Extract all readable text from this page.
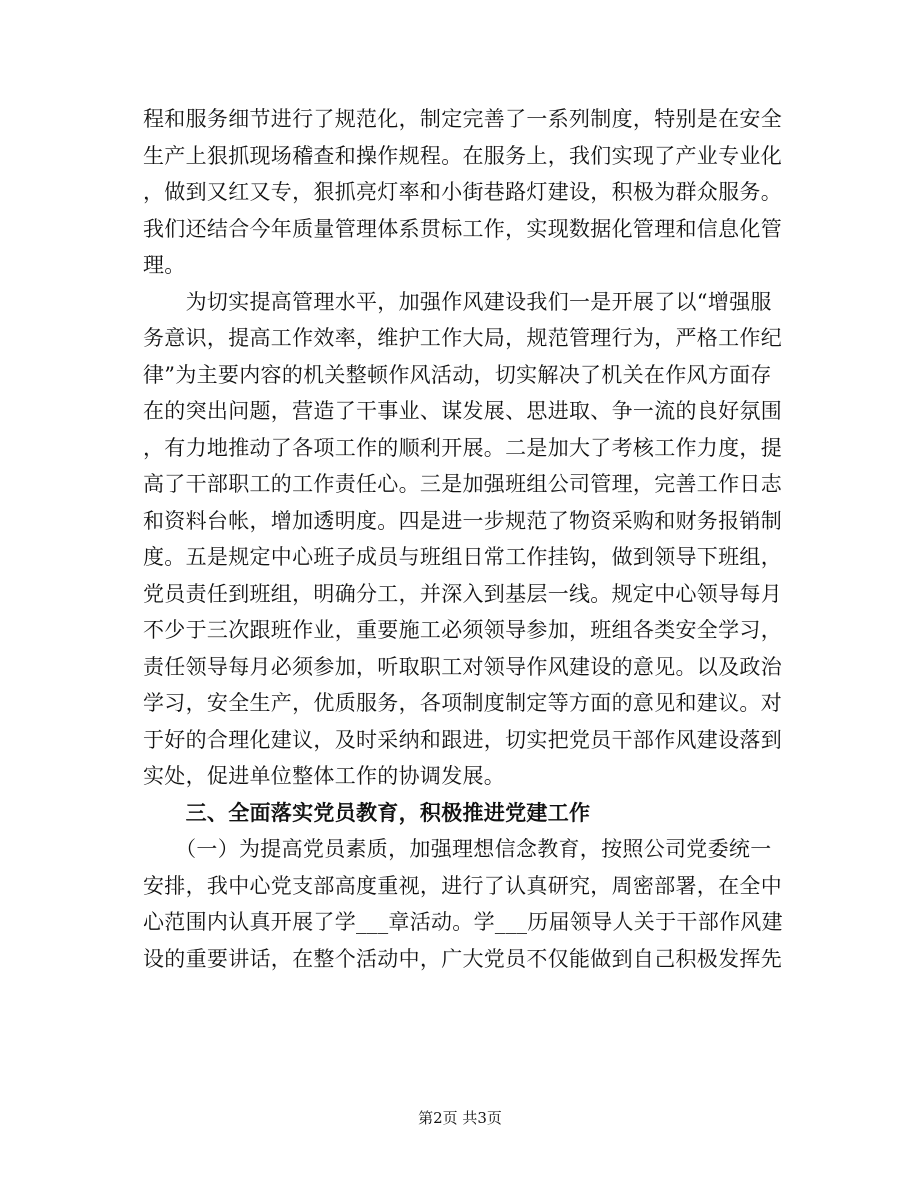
程和服务细节进行了规范化，制定完善了一系列制度，特别是在安全
生产上狠抓现场稽查和操作规程。在服务上，我们实现了产业专业化
，做到又红又专，狠抓亮灯率和小街巷路灯建设，积极为群众服务。
我们还结合今年质量管理体系贯标工作，实现数据化管理和信息化管
理。
　　为切实提高管理水平，加强作风建设我们一是开展了以“增强服
务意识，提高工作效率，维护工作大局，规范管理行为，严格工作纪
律”为主要内容的机关整顿作风活动，切实解决了机关在作风方面存
在的突出问题，营造了干事业、谋发展、思进取、争一流的良好氛围
，有力地推动了各项工作的顺利开展。二是加大了考核工作力度，提
高了干部职工的工作责任心。三是加强班组公司管理，完善工作日志
和资料台帐，增加透明度。四是进一步规范了物资采购和财务报销制
度。五是规定中心班子成员与班组日常工作挂钩，做到领导下班组，
党员责任到班组，明确分工，并深入到基层一线。规定中心领导每月
不少于三次跟班作业，重要施工必须领导参加，班组各类安全学习，
责任领导每月必须参加，听取职工对领导作风建设的意见。以及政治
学习，安全生产，优质服务，各项制度制定等方面的意见和建议。对
于好的合理化建议，及时采纳和跟进，切实把党员干部作风建设落到
实处，促进单位整体工作的协调发展。
　　三、全面落实党员教育，积极推进党建工作
　　（一）为提高党员素质，加强理想信念教育，按照公司党委统一
安排，我中心党支部高度重视，进行了认真研究，周密部署，在全中
心范围内认真开展了学___章活动。学___历届领导人关于干部作风建
设的重要讲话，在整个活动中，广大党员不仅能做到自己积极发挥先
第2页 共3页
